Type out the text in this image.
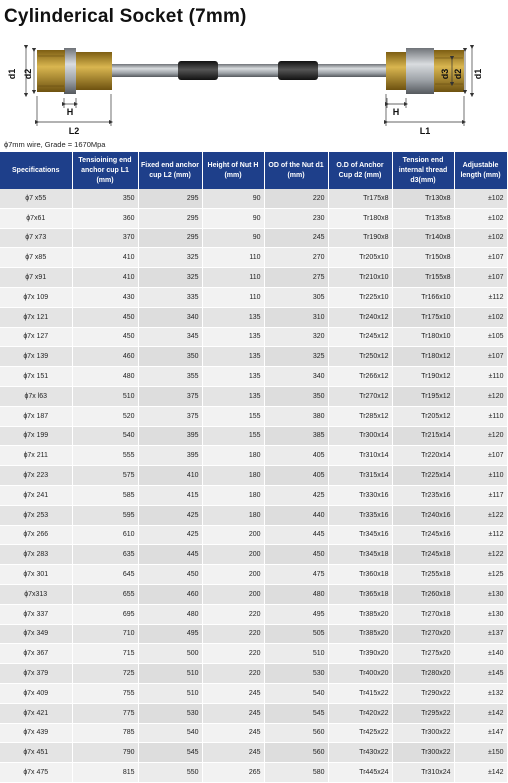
Cylinderical Socket (7mm)
d1 d2
H
L2
d3 d2 d1
H
L1
ɸ7mm wire, Grade = 1670Mpa
Specifications	Tensioining end anchor cup L1 (mm)	Fixed end anchor cup L2 (mm)	Height of Nut H (mm)	OD of the Nut d1 (mm)	O.D of Anchor Cup d2 (mm)	Tension end internal thread d3(mm)	Adjustable length (mm)
ɸ7 x55	350	295	90	220	Tr175x8	Tr130x8	±102
ɸ7x61	360	295	90	230	Tr180x8	Tr135x8	±102
ɸ7 x73	370	295	90	245	Tr190x8	Tr140x8	±102
ɸ7 x85	410	325	110	270	Tr205x10	Tr150x8	±107
ɸ7 x91	410	325	110	275	Tr210x10	Tr155x8	±107
ɸ7x 109	430	335	110	305	Tr225x10	Tr166x10	±112
ɸ7x 121	450	340	135	310	Tr240x12	Tr175x10	±102
ɸ7x 127	450	345	135	320	Tr245x12	Tr180x10	±105
ɸ7x 139	460	350	135	325	Tr250x12	Tr180x12	±107
ɸ7x 151	480	355	135	340	Tr266x12	Tr190x12	±110
ɸ7x l63	510	375	135	350	Tr270x12	Tr195x12	±120
ɸ7x 187	520	375	155	380	Tr285x12	Tr205x12	±110
ɸ7x 199	540	395	155	385	Tr300x14	Tr215x14	±120
ɸ7x 211	555	395	180	405	Tr310x14	Tr220x14	±107
ɸ7x 223	575	410	180	405	Tr315x14	Tr225x14	±110
ɸ7x 241	585	415	180	425	Tr330x16	Tr235x16	±117
ɸ7x 253	595	425	180	440	Tr335x16	Tr240x16	±122
ɸ7x 266	610	425	200	445	Tr345x16	Tr245x16	±112
ɸ7x 283	635	445	200	450	Tr345x18	Tr245x18	±122
ɸ7x 301	645	450	200	475	Tr360x18	Tr255x18	±125
ɸ7x313	655	460	200	480	Tr365x18	Tr260x18	±130
ɸ7x 337	695	480	220	495	Tr385x20	Tr270x18	±130
ɸ7x 349	710	495	220	505	Tr385x20	Tr270x20	±137
ɸ7x 367	715	500	220	510	Tr390x20	Tr275x20	±140
ɸ7x 379	725	510	220	530	Tr400x20	Tr280x20	±145
ɸ7x 409	755	510	245	540	Tr415x22	Tr290x22	±132
ɸ7x 421	775	530	245	545	Tr420x22	Tr295x22	±142
ɸ7x 439	785	540	245	560	Tr425x22	Tr300x22	±147
ɸ7x 451	790	545	245	560	Tr430x22	Tr300x22	±150
ɸ7x 475	815	550	265	580	Tr445x24	Tr310x24	±142
